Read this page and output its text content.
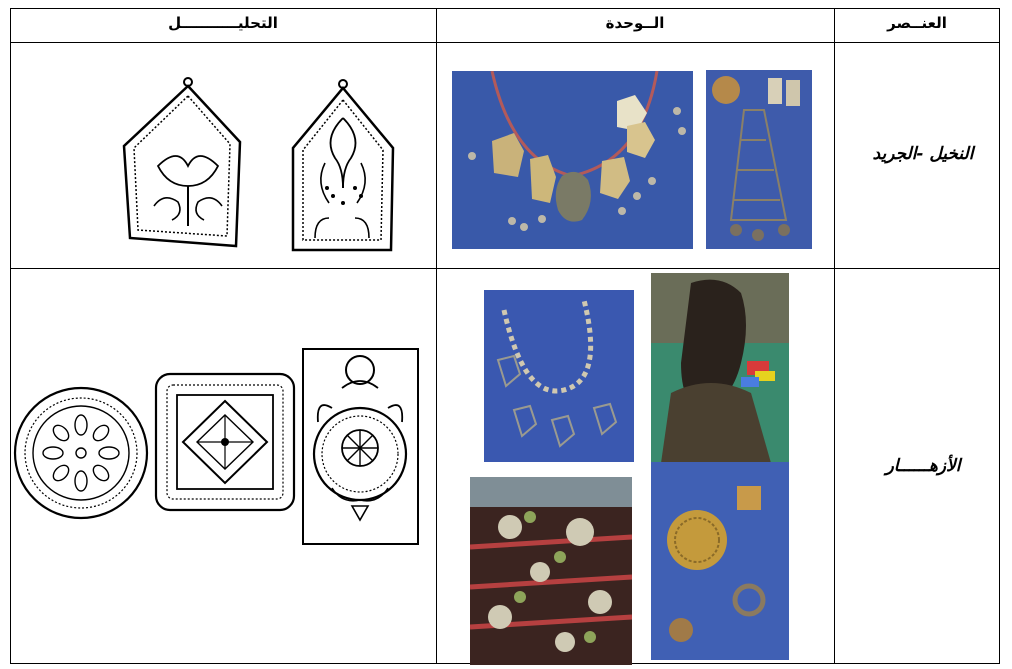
العنــصر
الــوحدة
التحليـــــــــــل
النخيل -الجريد
الأزهــــــار
